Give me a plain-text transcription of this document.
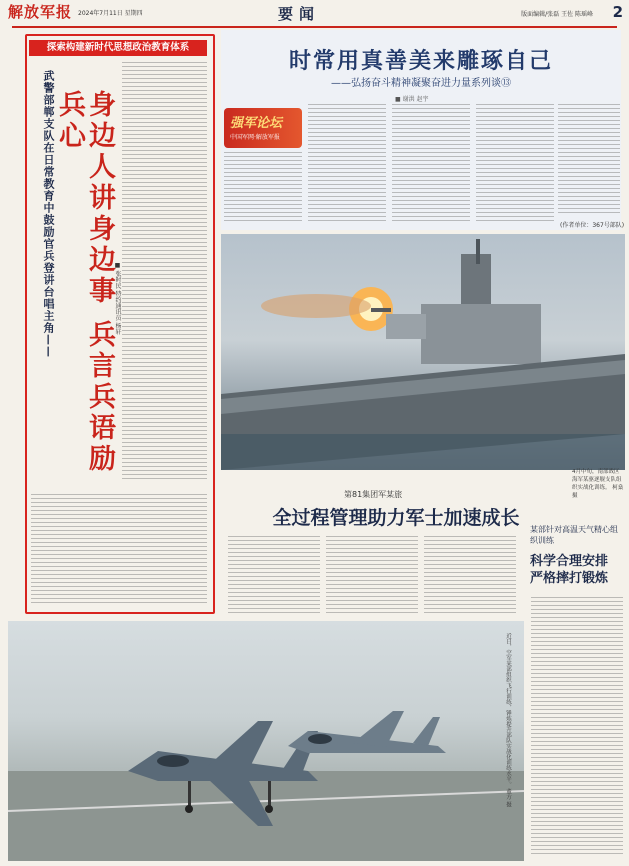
解放军报 2024年7月11日 星期四	要闻	版面编辑/张磊 王佐 陈瑶峰 2
探索构建新时代思想政治教育体系
武警部郸支队在日常教育中鼓励官兵登讲台唱主角——	身边人讲身边事 兵言兵语励兵心
■ 张时民 特约通讯员 杨轩
时常用真善美来雕琢自己
——弘扬奋斗精神凝聚奋进力量系列谈⑬
■ 谢洪 赵宇
强军论坛
中国军网·解放军报
(作者单位：367号部队)
4月中旬，南部战区海军某驱逐舰支队组织实战化训练。 柯燊 摄
第81集团军某旅
全过程管理助力军士加速成长
某部针对高温天气精心组织训练
科学合理安排 严格摔打锻炼
近日，空军某部组织飞行训练，锤炼提升部队实战化训练水平。 董方 摄
